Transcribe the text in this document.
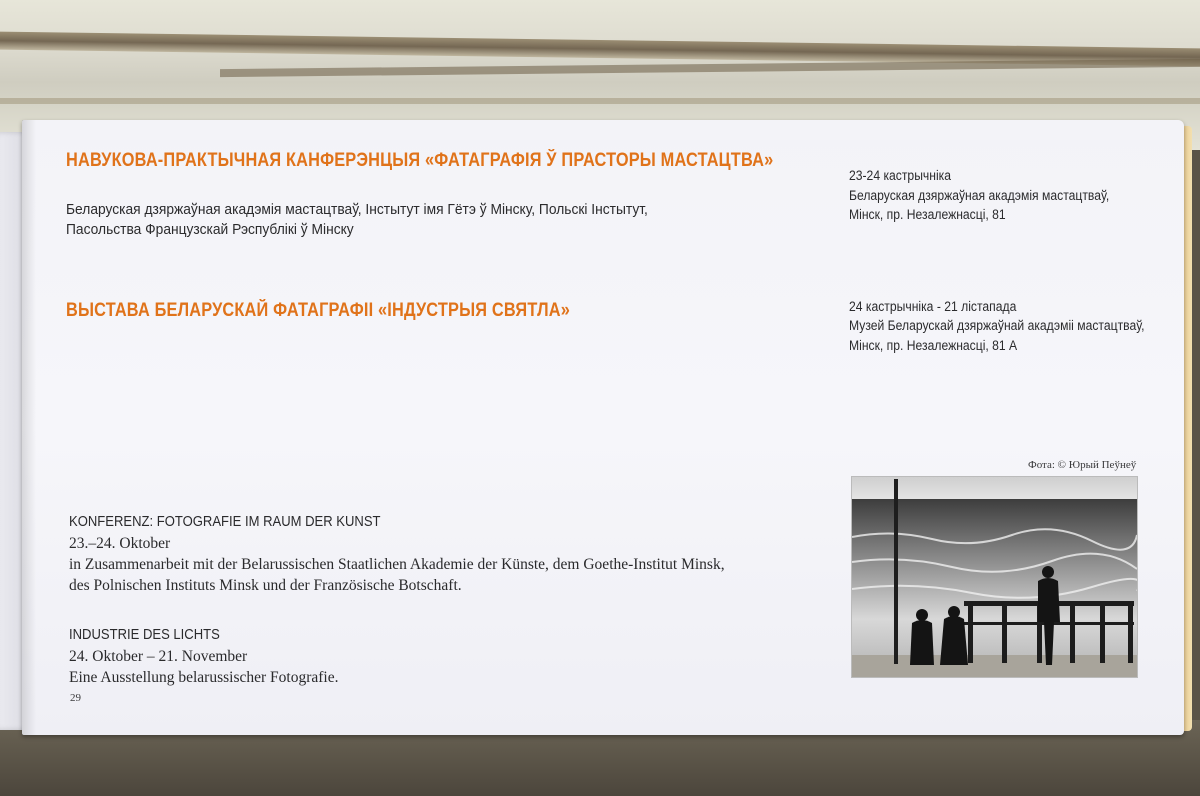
НАВУКОВА-ПРАКТЫЧНАЯ КАНФЕРЭНЦЫЯ «ФАТАГРАФІЯ Ў ПРАСТОРЫ МАСТАЦТВА»
Беларуская дзяржаўная акадэмія мастацтваў, Інстытут імя Гётэ ў Мінску, Польскі Інстытут,
Пасольства Французскай Рэспублікі ў Мінску
23-24 кастрычніка
Беларуская дзяржаўная акадэмія мастацтваў,
Мінск, пр. Незалежнасці, 81
ВЫСТАВА БЕЛАРУСКАЙ ФАТАГРАФІІ «ІНДУСТРЫЯ СВЯТЛА»	24 кастрычніка - 21 лістапада
Музей Беларускай дзяржаўнай акадэміі мастацтваў,
Мінск, пр. Незалежнасці, 81 А
KONFERENZ: FOTOGRAFIE IM RAUM DER KUNST
23.–24. Oktober
in Zusammenarbeit mit der Belarussischen Staatlichen Akademie der Künste, dem Goethe-Institut Minsk,
des Polnischen Instituts Minsk und der Französische Botschaft.
INDUSTRIE DES LICHTS
24. Oktober – 21. November
Eine Ausstellung belarussischer Fotografie.
Фота: © Юрый Пеўнеў
29
